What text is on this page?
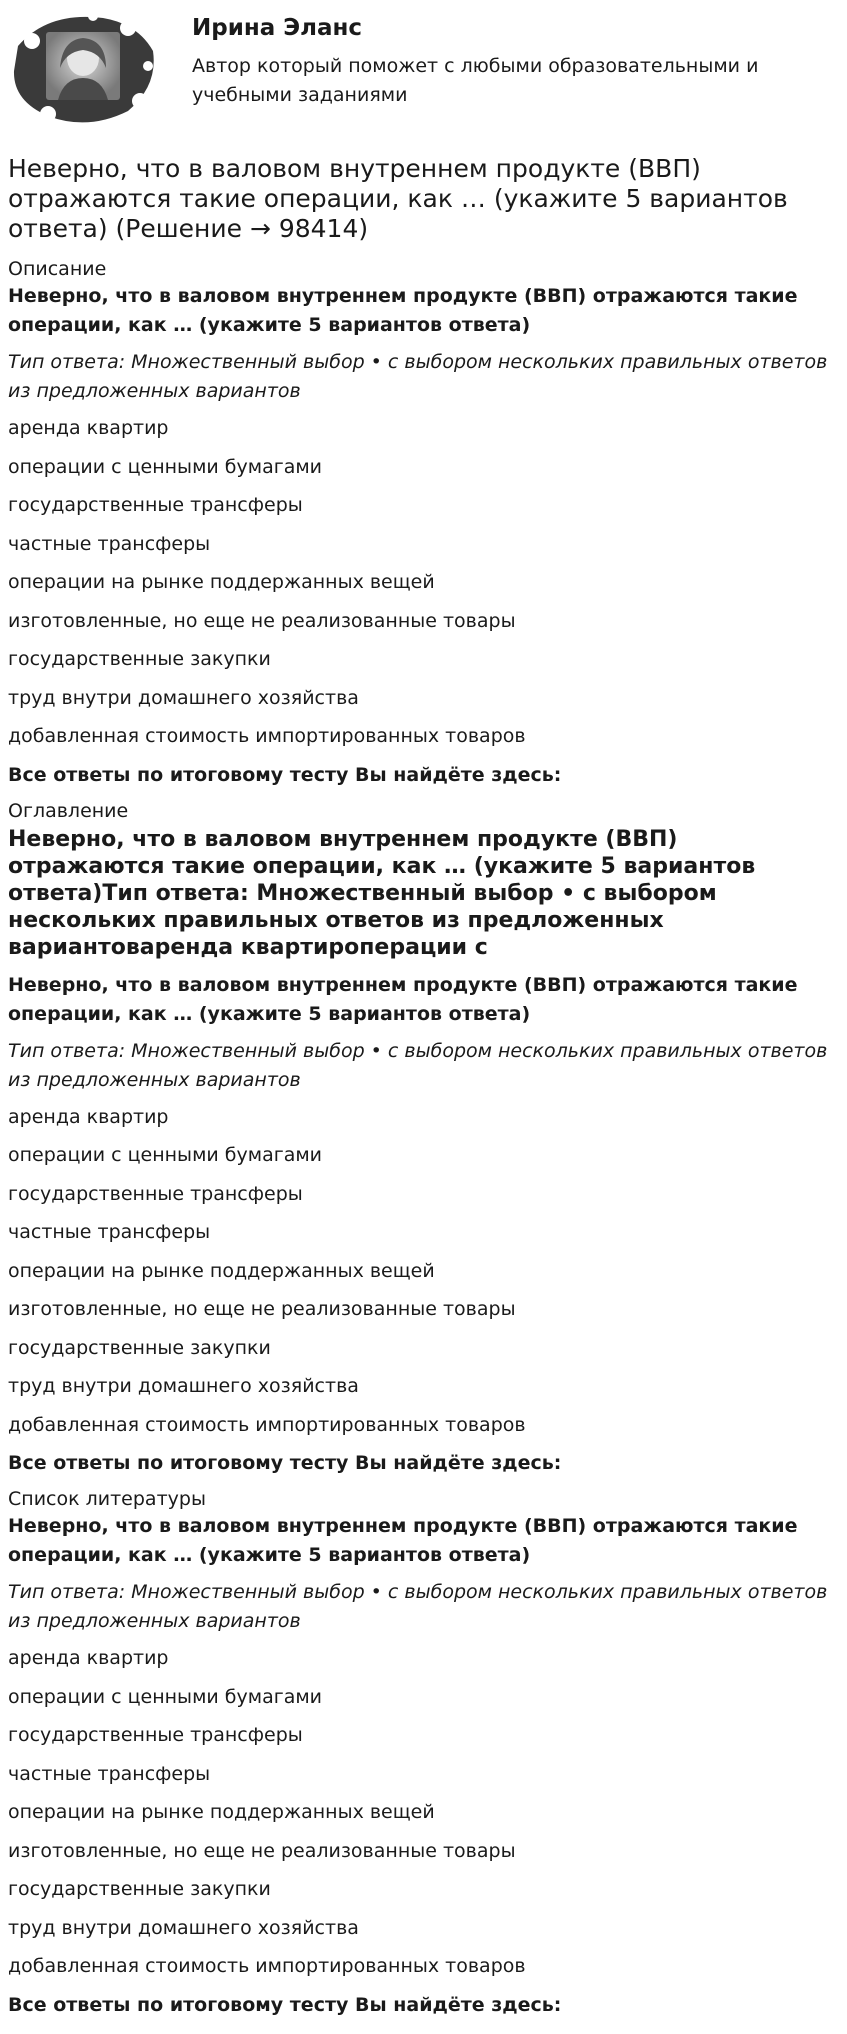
Ирина Эланс
Автор который поможет с любыми образовательными и учебными заданиями
Неверно, что в валовом внутреннем продукте (ВВП) отражаются такие операции, как … (укажите 5 вариантов ответа) (Решение → 98414)
Описание
Неверно, что в валовом внутреннем продукте (ВВП) отражаются такие операции, как … (укажите 5 вариантов ответа)
Тип ответа: Множественный выбор • с выбором нескольких правильных ответов из предложенных вариантов
аренда квартир
операции с ценными бумагами
государственные трансферы
частные трансферы
операции на рынке поддержанных вещей
изготовленные, но еще не реализованные товары
государственные закупки
труд внутри домашнего хозяйства
добавленная стоимость импортированных товаров
Все ответы по итоговому тесту Вы найдёте здесь:
Оглавление
Неверно, что в валовом внутреннем продукте (ВВП) отражаются такие операции, как … (укажите 5 вариантов ответа)Тип ответа: Множественный выбор • с выбором нескольких правильных ответов из предложенных вариантоваренда квартироперации с
Неверно, что в валовом внутреннем продукте (ВВП) отражаются такие операции, как … (укажите 5 вариантов ответа)
Тип ответа: Множественный выбор • с выбором нескольких правильных ответов из предложенных вариантов
аренда квартир
операции с ценными бумагами
государственные трансферы
частные трансферы
операции на рынке поддержанных вещей
изготовленные, но еще не реализованные товары
государственные закупки
труд внутри домашнего хозяйства
добавленная стоимость импортированных товаров
Все ответы по итоговому тесту Вы найдёте здесь:
Список литературы
Неверно, что в валовом внутреннем продукте (ВВП) отражаются такие операции, как … (укажите 5 вариантов ответа)
Тип ответа: Множественный выбор • с выбором нескольких правильных ответов из предложенных вариантов
аренда квартир
операции с ценными бумагами
государственные трансферы
частные трансферы
операции на рынке поддержанных вещей
изготовленные, но еще не реализованные товары
государственные закупки
труд внутри домашнего хозяйства
добавленная стоимость импортированных товаров
Все ответы по итоговому тесту Вы найдёте здесь:
